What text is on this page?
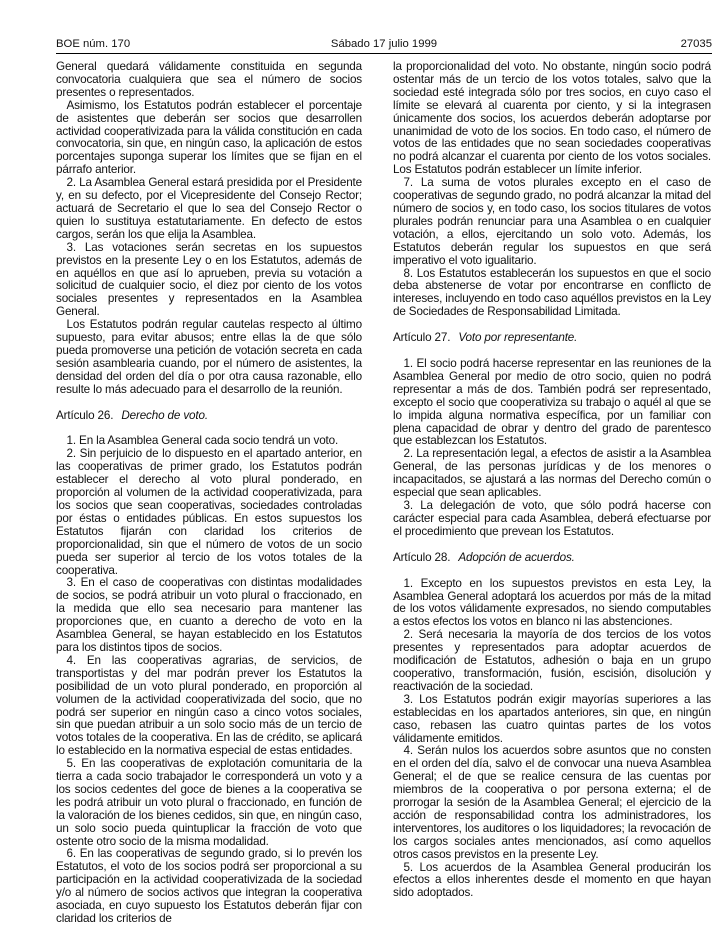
BOE núm. 170	Sábado 17 julio 1999	27035

General quedará válidamente constituida en segunda convocatoria cualquiera que sea el número de socios presentes o representados.

Asimismo, los Estatutos podrán establecer el porcentaje de asistentes que deberán ser socios que desarrollen actividad cooperativizada para la válida constitución en cada convocatoria, sin que, en ningún caso, la aplicación de estos porcentajes suponga superar los límites que se fijan en el párrafo anterior.

2. La Asamblea General estará presidida por el Presidente y, en su defecto, por el Vicepresidente del Consejo Rector; actuará de Secretario el que lo sea del Consejo Rector o quien lo sustituya estatutariamente. En defecto de estos cargos, serán los que elija la Asamblea.

3. Las votaciones serán secretas en los supuestos previstos en la presente Ley o en los Estatutos, además de en aquéllos en que así lo aprueben, previa su votación a solicitud de cualquier socio, el diez por ciento de los votos sociales presentes y representados en la Asamblea General.

Los Estatutos podrán regular cautelas respecto al último supuesto, para evitar abusos; entre ellas la de que sólo pueda promoverse una petición de votación secreta en cada sesión asamblearia cuando, por el número de asistentes, la densidad del orden del día o por otra causa razonable, ello resulte lo más adecuado para el desarrollo de la reunión.

Artículo 26. Derecho de voto.

1. En la Asamblea General cada socio tendrá un voto.

2. Sin perjuicio de lo dispuesto en el apartado anterior, en las cooperativas de primer grado, los Estatutos podrán establecer el derecho al voto plural ponderado, en proporción al volumen de la actividad cooperativizada, para los socios que sean cooperativas, sociedades controladas por éstas o entidades públicas. En estos supuestos los Estatutos fijarán con claridad los criterios de proporcionalidad, sin que el número de votos de un socio pueda ser superior al tercio de los votos totales de la cooperativa.

3. En el caso de cooperativas con distintas modalidades de socios, se podrá atribuir un voto plural o fraccionado, en la medida que ello sea necesario para mantener las proporciones que, en cuanto a derecho de voto en la Asamblea General, se hayan establecido en los Estatutos para los distintos tipos de socios.

4. En las cooperativas agrarias, de servicios, de transportistas y del mar podrán prever los Estatutos la posibilidad de un voto plural ponderado, en proporción al volumen de la actividad cooperativizada del socio, que no podrá ser superior en ningún caso a cinco votos sociales, sin que puedan atribuir a un solo socio más de un tercio de votos totales de la cooperativa. En las de crédito, se aplicará lo establecido en la normativa especial de estas entidades.

5. En las cooperativas de explotación comunitaria de la tierra a cada socio trabajador le corresponderá un voto y a los socios cedentes del goce de bienes a la cooperativa se les podrá atribuir un voto plural o fraccionado, en función de la valoración de los bienes cedidos, sin que, en ningún caso, un solo socio pueda quintuplicar la fracción de voto que ostente otro socio de la misma modalidad.

6. En las cooperativas de segundo grado, si lo prevén los Estatutos, el voto de los socios podrá ser proporcional a su participación en la actividad cooperativizada de la sociedad y/o al número de socios activos que integran la cooperativa asociada, en cuyo supuesto los Estatutos deberán fijar con claridad los criterios de

la proporcionalidad del voto. No obstante, ningún socio podrá ostentar más de un tercio de los votos totales, salvo que la sociedad esté integrada sólo por tres socios, en cuyo caso el límite se elevará al cuarenta por ciento, y si la integrasen únicamente dos socios, los acuerdos deberán adoptarse por unanimidad de voto de los socios. En todo caso, el número de votos de las entidades que no sean sociedades cooperativas no podrá alcanzar el cuarenta por ciento de los votos sociales. Los Estatutos podrán establecer un límite inferior.

7. La suma de votos plurales excepto en el caso de cooperativas de segundo grado, no podrá alcanzar la mitad del número de socios y, en todo caso, los socios titulares de votos plurales podrán renunciar para una Asamblea o en cualquier votación, a ellos, ejercitando un solo voto. Además, los Estatutos deberán regular los supuestos en que será imperativo el voto igualitario.

8. Los Estatutos establecerán los supuestos en que el socio deba abstenerse de votar por encontrarse en conflicto de intereses, incluyendo en todo caso aquéllos previstos en la Ley de Sociedades de Responsabilidad Limitada.

Artículo 27. Voto por representante.

1. El socio podrá hacerse representar en las reuniones de la Asamblea General por medio de otro socio, quien no podrá representar a más de dos. También podrá ser representado, excepto el socio que cooperativiza su trabajo o aquél al que se lo impida alguna normativa específica, por un familiar con plena capacidad de obrar y dentro del grado de parentesco que establezcan los Estatutos.

2. La representación legal, a efectos de asistir a la Asamblea General, de las personas jurídicas y de los menores o incapacitados, se ajustará a las normas del Derecho común o especial que sean aplicables.

3. La delegación de voto, que sólo podrá hacerse con carácter especial para cada Asamblea, deberá efectuarse por el procedimiento que prevean los Estatutos.

Artículo 28. Adopción de acuerdos.

1. Excepto en los supuestos previstos en esta Ley, la Asamblea General adoptará los acuerdos por más de la mitad de los votos válidamente expresados, no siendo computables a estos efectos los votos en blanco ni las abstenciones.

2. Será necesaria la mayoría de dos tercios de los votos presentes y representados para adoptar acuerdos de modificación de Estatutos, adhesión o baja en un grupo cooperativo, transformación, fusión, escisión, disolución y reactivación de la sociedad.

3. Los Estatutos podrán exigir mayorías superiores a las establecidas en los apartados anteriores, sin que, en ningún caso, rebasen las cuatro quintas partes de los votos válidamente emitidos.

4. Serán nulos los acuerdos sobre asuntos que no consten en el orden del día, salvo el de convocar una nueva Asamblea General; el de que se realice censura de las cuentas por miembros de la cooperativa o por persona externa; el de prorrogar la sesión de la Asamblea General; el ejercicio de la acción de responsabilidad contra los administradores, los interventores, los auditores o los liquidadores; la revocación de los cargos sociales antes mencionados, así como aquellos otros casos previstos en la presente Ley.

5. Los acuerdos de la Asamblea General producirán los efectos a ellos inherentes desde el momento en que hayan sido adoptados.
